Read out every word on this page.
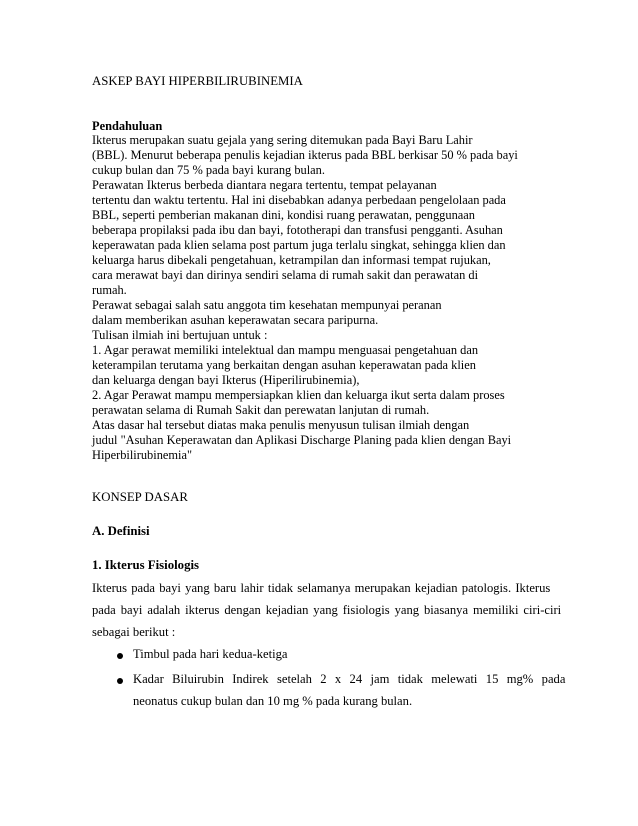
ASKEP BAYI HIPERBILIRUBINEMIA
Pendahuluan
Ikterus merupakan suatu gejala yang sering ditemukan pada Bayi Baru Lahir
(BBL). Menurut beberapa penulis kejadian ikterus pada BBL berkisar 50 % pada bayi
cukup bulan dan 75 % pada bayi kurang bulan.
Perawatan Ikterus berbeda diantara negara tertentu, tempat pelayanan
tertentu dan waktu tertentu. Hal ini disebabkan adanya perbedaan pengelolaan pada
BBL, seperti pemberian makanan dini, kondisi ruang perawatan, penggunaan
beberapa propilaksi pada ibu dan bayi, fototherapi dan transfusi pengganti. Asuhan
keperawatan pada klien selama post partum juga terlalu singkat, sehingga klien dan
keluarga harus dibekali pengetahuan, ketrampilan dan informasi tempat rujukan,
cara merawat bayi dan dirinya sendiri selama di rumah sakit dan perawatan di
rumah.
Perawat sebagai salah satu anggota tim kesehatan mempunyai peranan
dalam memberikan asuhan keperawatan secara paripurna.
Tulisan ilmiah ini bertujuan untuk :
1. Agar perawat memiliki intelektual dan mampu menguasai pengetahuan dan
keterampilan terutama yang berkaitan dengan asuhan keperawatan pada klien
dan keluarga dengan bayi Ikterus (Hiperilirubinemia),
2. Agar Perawat mampu mempersiapkan klien dan keluarga ikut serta dalam proses
perawatan selama di Rumah Sakit dan perewatan lanjutan di rumah.
Atas dasar hal tersebut diatas maka penulis menyusun tulisan ilmiah dengan
judul "Asuhan Keperawatan dan Aplikasi Discharge Planing pada klien dengan Bayi
Hiperbilirubinemia"
KONSEP DASAR
A. Definisi
1. Ikterus Fisiologis
Ikterus pada bayi yang baru lahir tidak selamanya merupakan kejadian patologis. Ikterus
pada bayi adalah ikterus dengan kejadian yang fisiologis yang biasanya memiliki ciri-ciri
sebagai berikut :
Timbul pada hari kedua-ketiga
Kadar Biluirubin Indirek setelah 2 x 24 jam tidak melewati 15 mg% pada
neonatus cukup bulan dan 10 mg % pada kurang bulan.
